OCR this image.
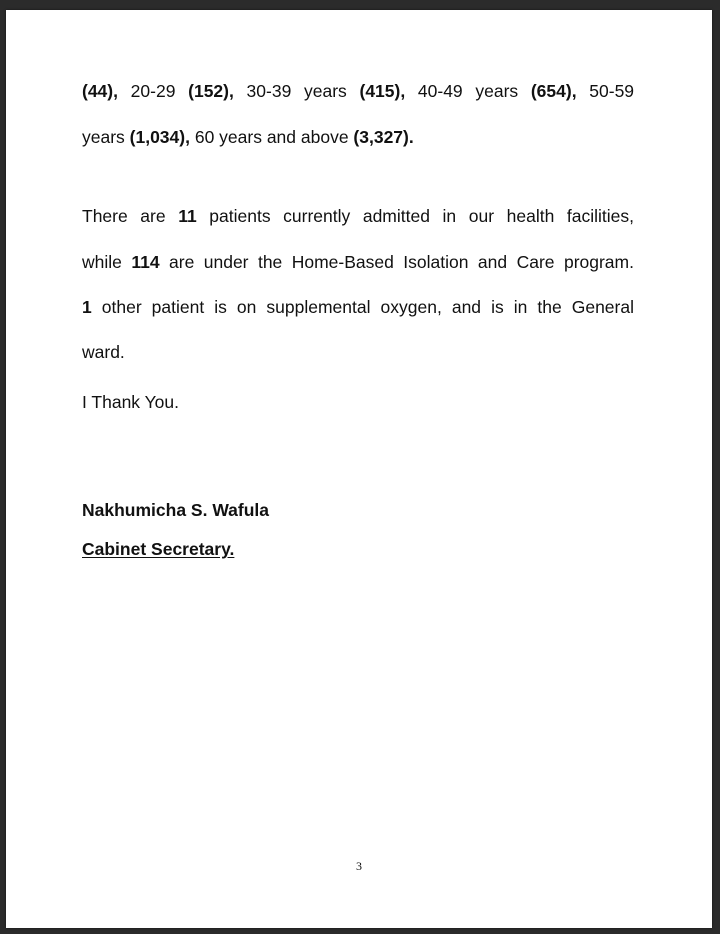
(44), 20-29 (152), 30-39 years (415), 40-49 years (654), 50-59
years (1,034), 60 years and above (3,327).
There are 11 patients currently admitted in our health facilities,
while 114 are under the Home-Based Isolation and Care program.
1 other patient is on supplemental oxygen, and is in the General
ward.
I Thank You.
Nakhumicha S. Wafula
Cabinet Secretary.
3
